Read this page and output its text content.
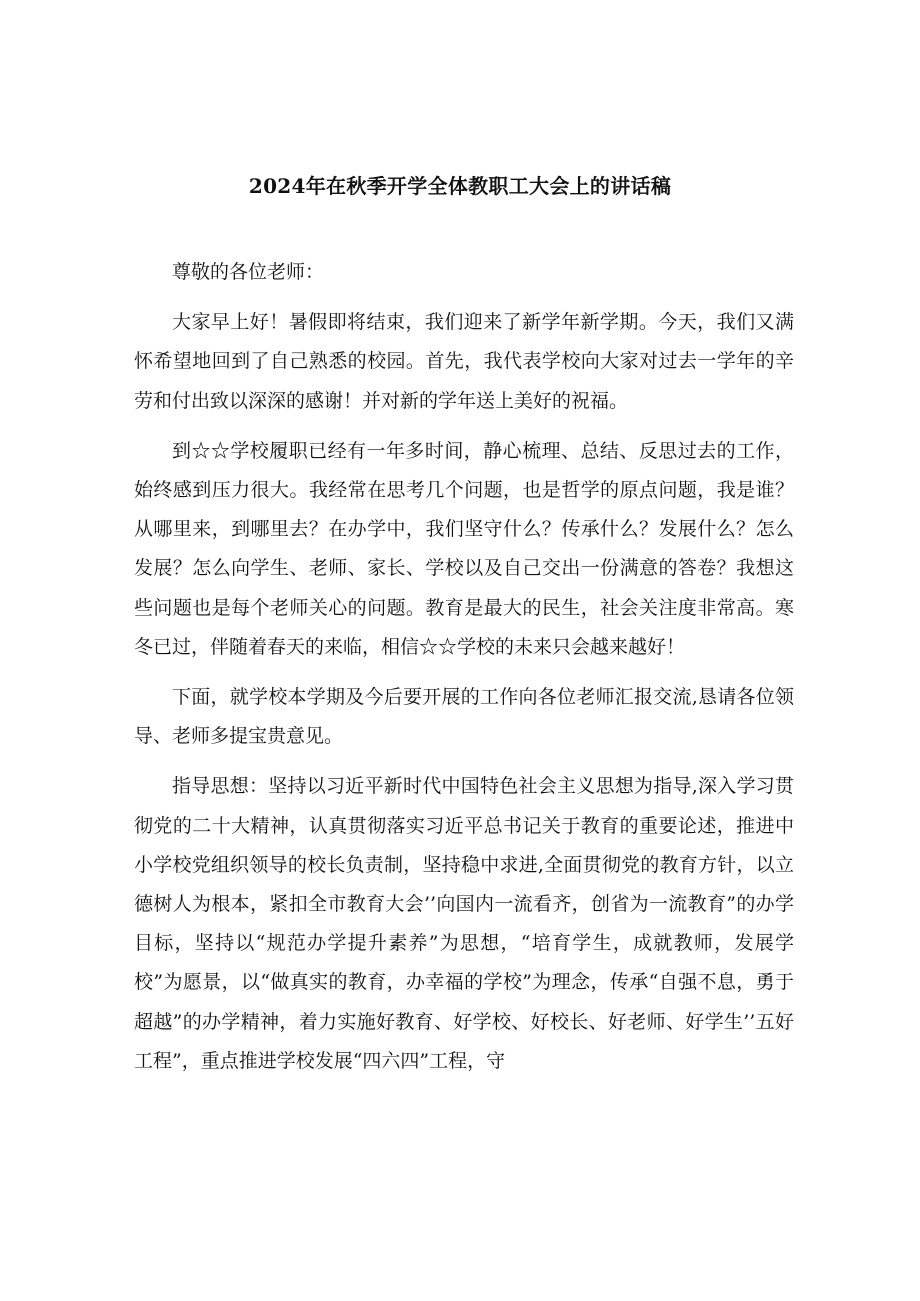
2024年在秋季开学全体教职工大会上的讲话稿

尊敬的各位老师：

大家早上好！暑假即将结束，我们迎来了新学年新学期。今天，我们又满怀希望地回到了自己熟悉的校园。首先，我代表学校向大家对过去一学年的辛劳和付出致以深深的感谢！并对新的学年送上美好的祝福。

到☆☆学校履职已经有一年多时间，静心梳理、总结、反思过去的工作，始终感到压力很大。我经常在思考几个问题，也是哲学的原点问题，我是谁？从哪里来，到哪里去？在办学中，我们坚守什么？传承什么？发展什么？怎么发展？怎么向学生、老师、家长、学校以及自己交出一份满意的答卷？我想这些问题也是每个老师关心的问题。教育是最大的民生，社会关注度非常高。寒冬已过，伴随着春天的来临，相信☆☆学校的未来只会越来越好！

下面，就学校本学期及今后要开展的工作向各位老师汇报交流,恳请各位领导、老师多提宝贵意见。

指导思想：坚持以习近平新时代中国特色社会主义思想为指导,深入学习贯彻党的二十大精神，认真贯彻落实习近平总书记关于教育的重要论述，推进中小学校党组织领导的校长负责制，坚持稳中求进,全面贯彻党的教育方针，以立德树人为根本，紧扣全市教育大会’’向国内一流看齐，创省为一流教育”的办学目标，坚持以“规范办学提升素养”为思想，“培育学生，成就教师，发展学校”为愿景，以“做真实的教育，办幸福的学校”为理念，传承“自强不息，勇于超越”的办学精神，着力实施好教育、好学校、好校长、好老师、好学生’’五好工程”，重点推进学校发展“四六四”工程，守
